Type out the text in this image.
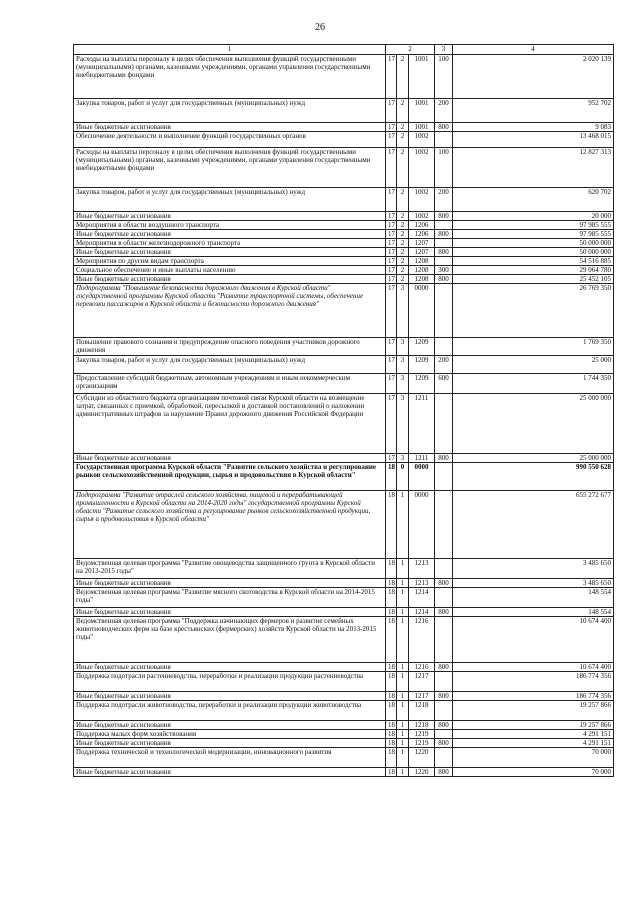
26
1	2			3	4
Расходы на выплаты персоналу в целях обеспечения выполнения функций государственными (муниципальными) органами, казенными учреждениями, органами управления государственными внебюджетными фондами	17	2	1001	100	2 020 139
Закупка товаров, работ и услуг для государственных (муниципальных) нужд	17	2	1001	200	952 702
Иные бюджетные ассигнования	17	2	1001	800	9 083
Обеспечение деятельности и выполнение функций государственных органов	17	2	1002		13 468 015
Расходы на выплаты персоналу в целях обеспечения выполнения функций государственными (муниципальными) органами, казенными учреждениями, органами управления государственными внебюджетными фондами	17	2	1002	100	12 827 313
Закупка товаров, работ и услуг для государственных (муниципальных) нужд	17	2	1002	200	620 702
Иные бюджетные ассигнования	17	2	1002	800	20 000
Мероприятия в области воздушного транспорта	17	2	1206		97 985 555
Иные бюджетные ассигнования	17	2	1206	800	97 985 555
Мероприятия в области железнодорожного транспорта	17	2	1207		50 000 000
Иные бюджетные ассигнования	17	2	1207	800	50 000 000
Мероприятия по другим видам транспорта	17	2	1208		54 516 885
Социальное обеспечение и иные выплаты населению	17	2	1208	300	29 064 780
Иные бюджетные ассигнования	17	2	1208	800	25 452 105
Подпрограмма "Повышение безопасности дорожного движения в Курской области" государственной программы Курской области "Развитие транспортной системы, обеспечение перевозки пассажиров в Курской области и безопасности дорожного движения"	17	3	0000		26 769 350
Повышение правового сознания и предупреждение опасного поведения участников дорожного движения	17	3	1209		1 769 350
Закупка товаров, работ и услуг для государственных (муниципальных) нужд	17	3	1209	200	25 000
Предоставление субсидий бюджетным, автономным учреждениям и иным некоммерческим организациям	17	3	1209	600	1 744 350
Субсидии из областного бюджета организациям почтовой связи Курской области на возмещение затрат, связанных с приемкой, обработкой, пересылкой и доставкой постановлений о наложении административных штрафов за нарушение Правил дорожного движения Российской Федерации	17	3	1211		25 000 000
Иные бюджетные ассигнования	17	3	1211	800	25 000 000
Государственная программа Курской области "Развитие сельского хозяйства и регулирование рынков сельскохозяйственной продукции, сырья и продовольствия в Курской области"	18	0	0000		990 550 628
Подпрограмма "Развитие отраслей сельского хозяйства, пищевой и перерабатывающей промышленности в Курской области на 2014-2020 годы" государственной программы Курской области "Развитие сельского хозяйства и регулирование рынков сельскохозяйственной продукции, сырья и продовольствия в Курской области"	18	1	0000		655 272 677
Ведомственная целевая программа "Развитие овощеводства защищенного грунта в Курской области на 2013-2015 годы"	18	1	1213		3 485 650
Иные бюджетные ассигнования	18	1	1213	800	3 485 650
Ведомственная целевая программа "Развитие мясного скотоводства в Курской области на 2014-2015 годы"	18	1	1214		148 554
Иные бюджетные ассигнования	18	1	1214	800	148 554
Ведомственная целевая программа "Поддержка начинающих фермеров и развитие семейных животноводческих ферм на базе крестьянских (фермерских) хозяйств Курской области на 2013-2015 годы"	18	1	1216		10 674 400
Иные бюджетные ассигнования	18	1	1216	800	10 674 400
Поддержка подотрасли растениеводства, переработки и реализации продукции растениеводства	18	1	1217		186 774 356
Иные бюджетные ассигнования	18	1	1217	800	186 774 356
Поддержка подотрасли животноводства, переработки и реализации продукции животноводства	18	1	1218		19 257 866
Иные бюджетные ассигнования	18	1	1218	800	19 257 866
Поддержка малых форм хозяйствования	18	1	1219		4 291 151
Иные бюджетные ассигнования	18	1	1219	800	4 291 151
Поддержка технической и технологической модернизации, инновационного развития	18	1	1220		70 000
Иные бюджетные ассигнования	18	1	1220	800	70 000
